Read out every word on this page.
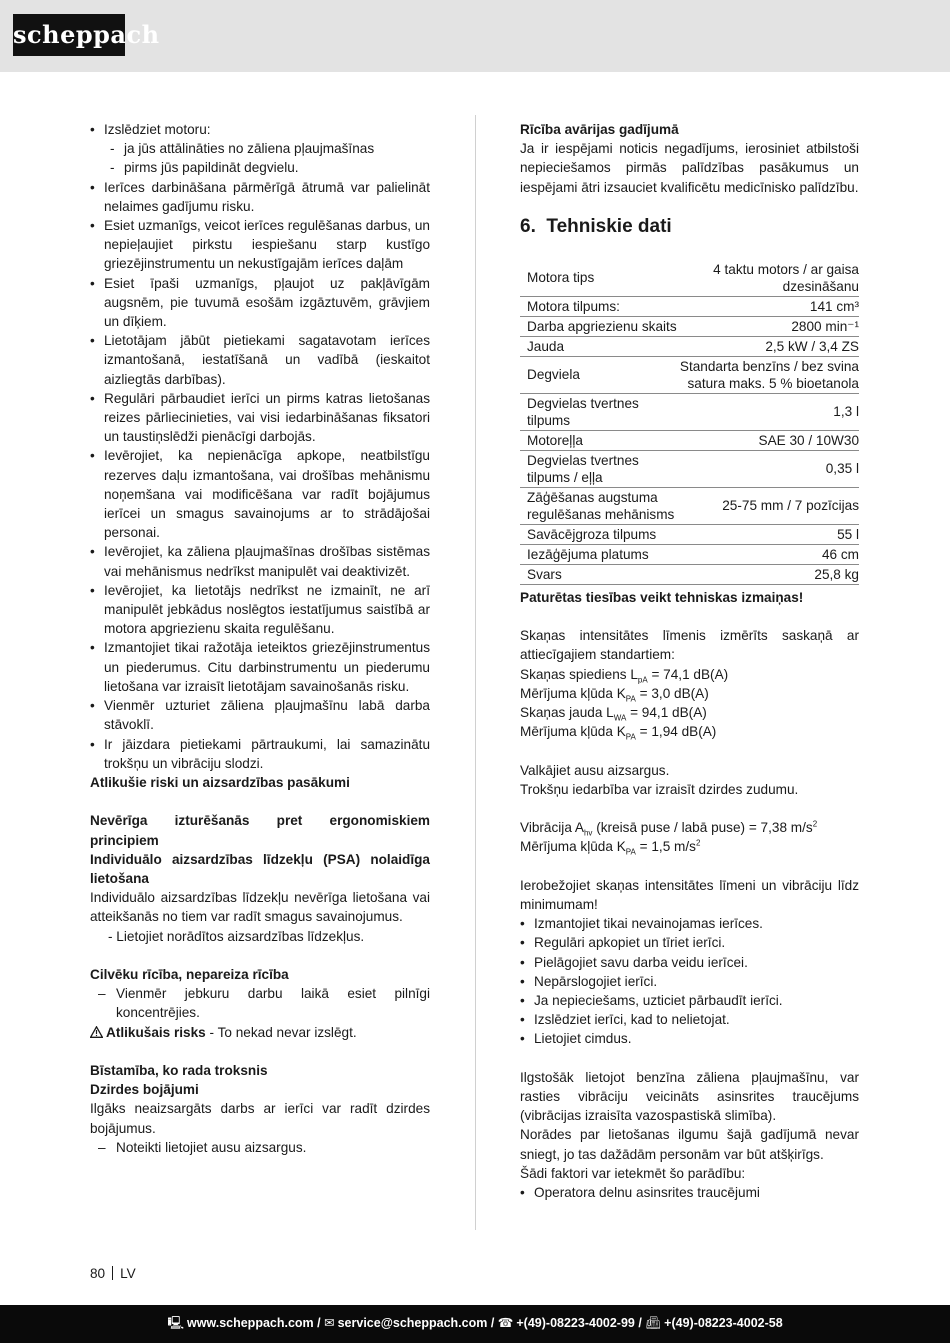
scheppach
• Izslēdziet motoru:
- ja jūs attālināties no zāliena pļaujmašīnas
- pirms jūs papildināt degvielu.
• Ierīces darbināšana pārmērīgā ātrumā var palielināt nelaimes gadījumu risku.
• Esiet uzmanīgs, veicot ierīces regulēšanas darbus, un nepieļaujiet pirkstu iespiešanu starp kustīgo griezējinstrumentu un nekustīgajām ierīces daļām
• Esiet īpaši uzmanīgs, pļaujot uz pakļāvīgām augsnēm, pie tuvumā esošām izgāztuvēm, grāvjiem un dīķiem.
• Lietotājam jābūt pietiekami sagatavotam ierīces izmantošanā, iestatīšanā un vadībā (ieskaitot aizliegtās darbības).
• Regulāri pārbaudiet ierīci un pirms katras lietošanas reizes pārliecinieties, vai visi iedarbināšanas fiksatori un taustiņslēdži pienācīgi darbojās.
• Ievērojiet, ka nepienācīga apkope, neatbilstīgu rezerves daļu izmantošana, vai drošības mehānismu noņemšana vai modificēšana var radīt bojājumus ierīcei un smagus savainojums ar to strādājošai personai.
• Ievērojiet, ka zāliena pļaujmašīnas drošības sistēmas vai mehānismus nedrīkst manipulēt vai deaktivizēt.
• Ievērojiet, ka lietotājs nedrīkst ne izmainīt, ne arī manipulēt jebkādus noslēgtos iestatījumus saistībā ar motora apgriezienu skaita regulēšanu.
• Izmantojiet tikai ražotāja ieteiktos griezējinstrumentus un piederumus. Citu darbinstrumentu un piederumu lietošana var izraisīt lietotājam savainošanās risku.
• Vienmēr uzturiet zāliena pļaujmašīnu labā darba stāvoklī.
• Ir jāizdara pietiekami pārtraukumi, lai samazinātu trokšņu un vibrāciju slodzi.

Atlikušie riski un aizsardzības pasākumi

Nevērīga izturēšanās pret ergonomiskiem principiem

Individuālo aizsardzības līdzekļu (PSA) nolaidīga lietošana

Individuālo aizsardzības līdzekļu nevērīga lietošana vai atteikšanās no tiem var radīt smagus savainojumus.

- Lietojiet norādītos aizsardzības līdzekļus.

Cilvēku rīcība, nepareiza rīcība

– Vienmēr jebkuru darbu laikā esiet pilnīgi koncentrējies.

Atlikušais risks - To nekad nevar izslēgt.

Bīstamība, ko rada troksnis

Dzirdes bojājumi

Ilgāks neaizsargāts darbs ar ierīci var radīt dzirdes bojājumus.

– Noteikti lietojiet ausu aizsargus.

Rīcība avārijas gadījumā

Ja ir iespējami noticis negadījums, ierosiniet atbilstoši nepieciešamos pirmās palīdzības pasākumus un iespējami ātri izsauciet kvalificētu medicīnisko palīdzību.

6. Tehniskie dati
Motora tips	4 taktu motors / ar gaisa dzesināšanu
Motora tilpums:	141 cm³
Darba apgriezienu skaits	2800 min⁻¹
Jauda	2,5 kW / 3,4 ZS
Degviela	Standarta benzīns / bez svina satura maks. 5 % bioetanola
Degvielas tvertnes tilpums	1,3 l
Motoreļļa	SAE 30 / 10W30
Degvielas tvertnes tilpums / eļļa	0,35 l
Zāģēšanas augstuma regulēšanas mehānisms	25-75 mm / 7 pozīcijas
Savācējgroza tilpums	55 l
Iezāģējuma platums	46 cm
Svars	25,8 kg

Paturētas tiesības veikt tehniskas izmaiņas!

Skaņas intensitātes līmenis izmērīts saskaņā ar attiecīgajiem standartiem:

Skaņas spiediens $L_{pA} = 74,1$ dB(A)

Mērījuma kļūda $K_{PA} = 3,0$ dB(A)

Skaņas jauda $L_{WA} = 94,1$ dB(A)

Mērījuma kļūda $K_{PA} = 1,94$ dB(A)

Valkājiet ausu aizsargus.

Trokšņu iedarbība var izraisīt dzirdes zudumu.

Vibrācija $A_{hv}$ (kreisā puse / labā puse) = 7,38 $m/s^2$

Mērījuma kļūda $K_{PA} = 1,5$ $m/s^2$

Ierobežojiet skaņas intensitātes līmeni un vibrāciju līdz minimumam!

• Izmantojiet tikai nevainojamas ierīces.
• Regulāri apkopiet un tīriet ierīci.
• Pielāgojiet savu darba veidu ierīcei.
• Nepārslogojiet ierīci.
• Ja nepieciešams, uzticiet pārbaudīt ierīci.
• Izslēdziet ierīci, kad to nelietojat.
• Lietojiet cimdus.

Ilgstošāk lietojot benzīna zāliena pļaujmašīnu, var rasties vibrāciju veicināts asinsrites traucējums (vibrācijas izraisīta vazospastiskā slimība).

Norādes par lietošanas ilgumu šajā gadījumā nevar sniegt, jo tas dažādām personām var būt atšķirīgs.

Šādi faktori var ietekmēt šo parādību:

• Operatora delnu asinsrites traucējumi
80 LV
🖳︎ www.scheppach.com / ✉︎ service@scheppach.com / ☎︎ +(49)-08223-4002-99 / 📠︎ +(49)-08223-4002-58
